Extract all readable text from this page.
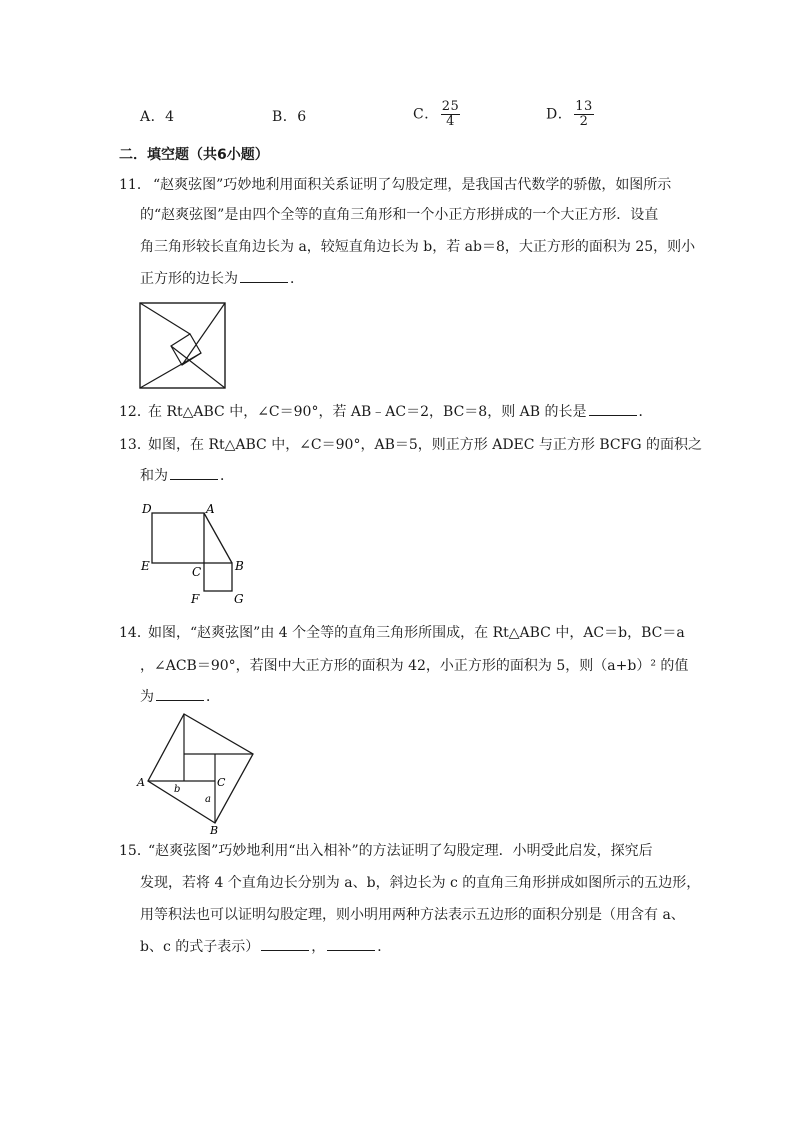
A．4	B．6	C． $\frac{25}{4}$	D． $\frac{13}{2}$
二．填空题（共6小题）
11． “赵爽弦图”巧妙地利用面积关系证明了勾股定理，是我国古代数学的骄傲，如图所示
的“赵爽弦图”是由四个全等的直角三角形和一个小正方形拼成的一个大正方形．设直
角三角形较长直角边长为 a，较短直角边长为 b，若 ab＝8，大正方形的面积为 25，则小
正方形的边长为	．
12．
在 Rt△ABC 中，∠C＝90°，若 AB﹣AC＝2，BC＝8，则 AB 的长是	．
13．
如图，在 Rt△ABC 中，∠C＝90°，AB＝5，则正方形 ADEC 与正方形 BCFG 的面积之
和为	．
D	A
E	C	B
F	G
14．
如图，“赵爽弦图”由 4 个全等的直角三角形所围成，在 Rt△ABC 中，AC＝b，BC＝a
，∠ACB＝90°，若图中大正方形的面积为 42，小正方形的面积为 5，则（a+b）² 的值
为	．
A
b
C
a
B
15．
“赵爽弦图”巧妙地利用“出入相补”的方法证明了勾股定理．小明受此启发，探究后
发现，若将 4 个直角边长分别为 a、b，斜边长为 c 的直角三角形拼成如图所示的五边形，
用等积法也可以证明勾股定理，则小明用两种方法表示五边形的面积分别是（用含有 a、
b、c 的式子表示）	，	．
